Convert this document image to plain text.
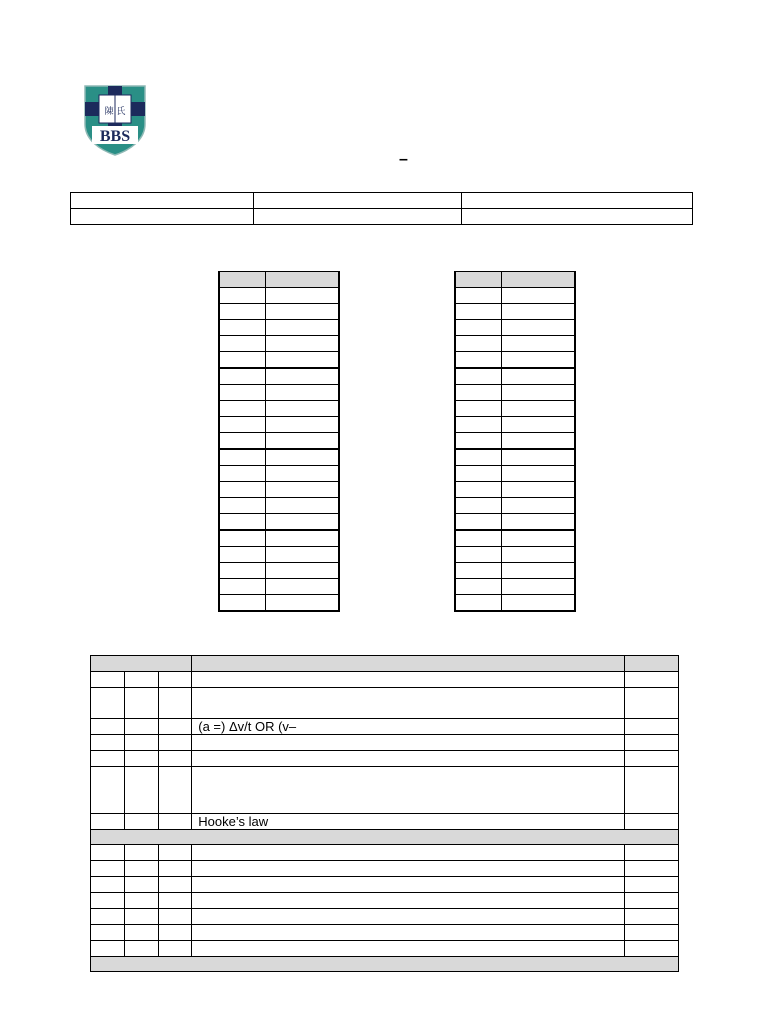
陳 氏
BBS
–

			(a =) Δv/t OR (v–	

			Hooke’s law	
